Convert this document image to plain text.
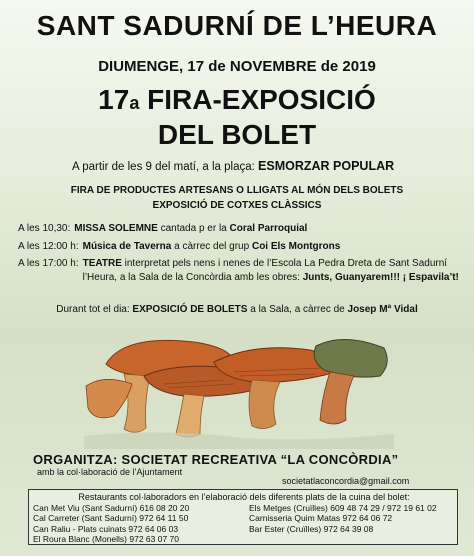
SANT SADURNÍ DE L’HEURA
DIUMENGE, 17 de NOVEMBRE de 2019
17a FIRA-EXPOSICIÓ
DEL BOLET
A partir de les 9 del matí, a la plaça: ESMORZAR POPULAR
FIRA DE PRODUCTES ARTESANS O LLIGATS AL MÓN DELS BOLETS
EXPOSICIÓ DE COTXES CLÀSSICS
A les 10,30: MISSA SOLEMNE cantada p er la Coral Parroquial
A les 12:00 h: Música de Taverna a càrrec del grup Coi Els Montgrons
A les 17:00 h: TEATRE interpretat pels nens i nenes de l’Escola La Pedra Dreta de Sant Sadurní l’Heura, a la Sala de la Concòrdia amb les obres: Junts, Guanyarem!!! ¡ Espavila’t!
Durant tot el dia: EXPOSICIÓ DE BOLETS a la Sala, a càrrec de Josep Mª Vidal
ORGANITZA: SOCIETAT RECREATIVA “LA CONCÒRDIA”
amb la col·laboració de l’Ajuntament
societatlaconcordia@gmail.com
Restaurants col·laboradors en l’elaboració dels diferents plats de la cuina del bolet:
Can Met Viu (Sant Sadurní) 616 08 20 20
Cal Carreter (Sant Sadurní) 972 64 11 50
Can Raliu - Plats cuinats 972 64 06 03
El Roura Blanc (Monells) 972 63 07 70
Els Metges (Cruïlles) 609 48 74 29 / 972 19 61 02
Carnisseria Quim Matas 972 64 06 72
Bar Ester (Cruïlles) 972 64 39 08
